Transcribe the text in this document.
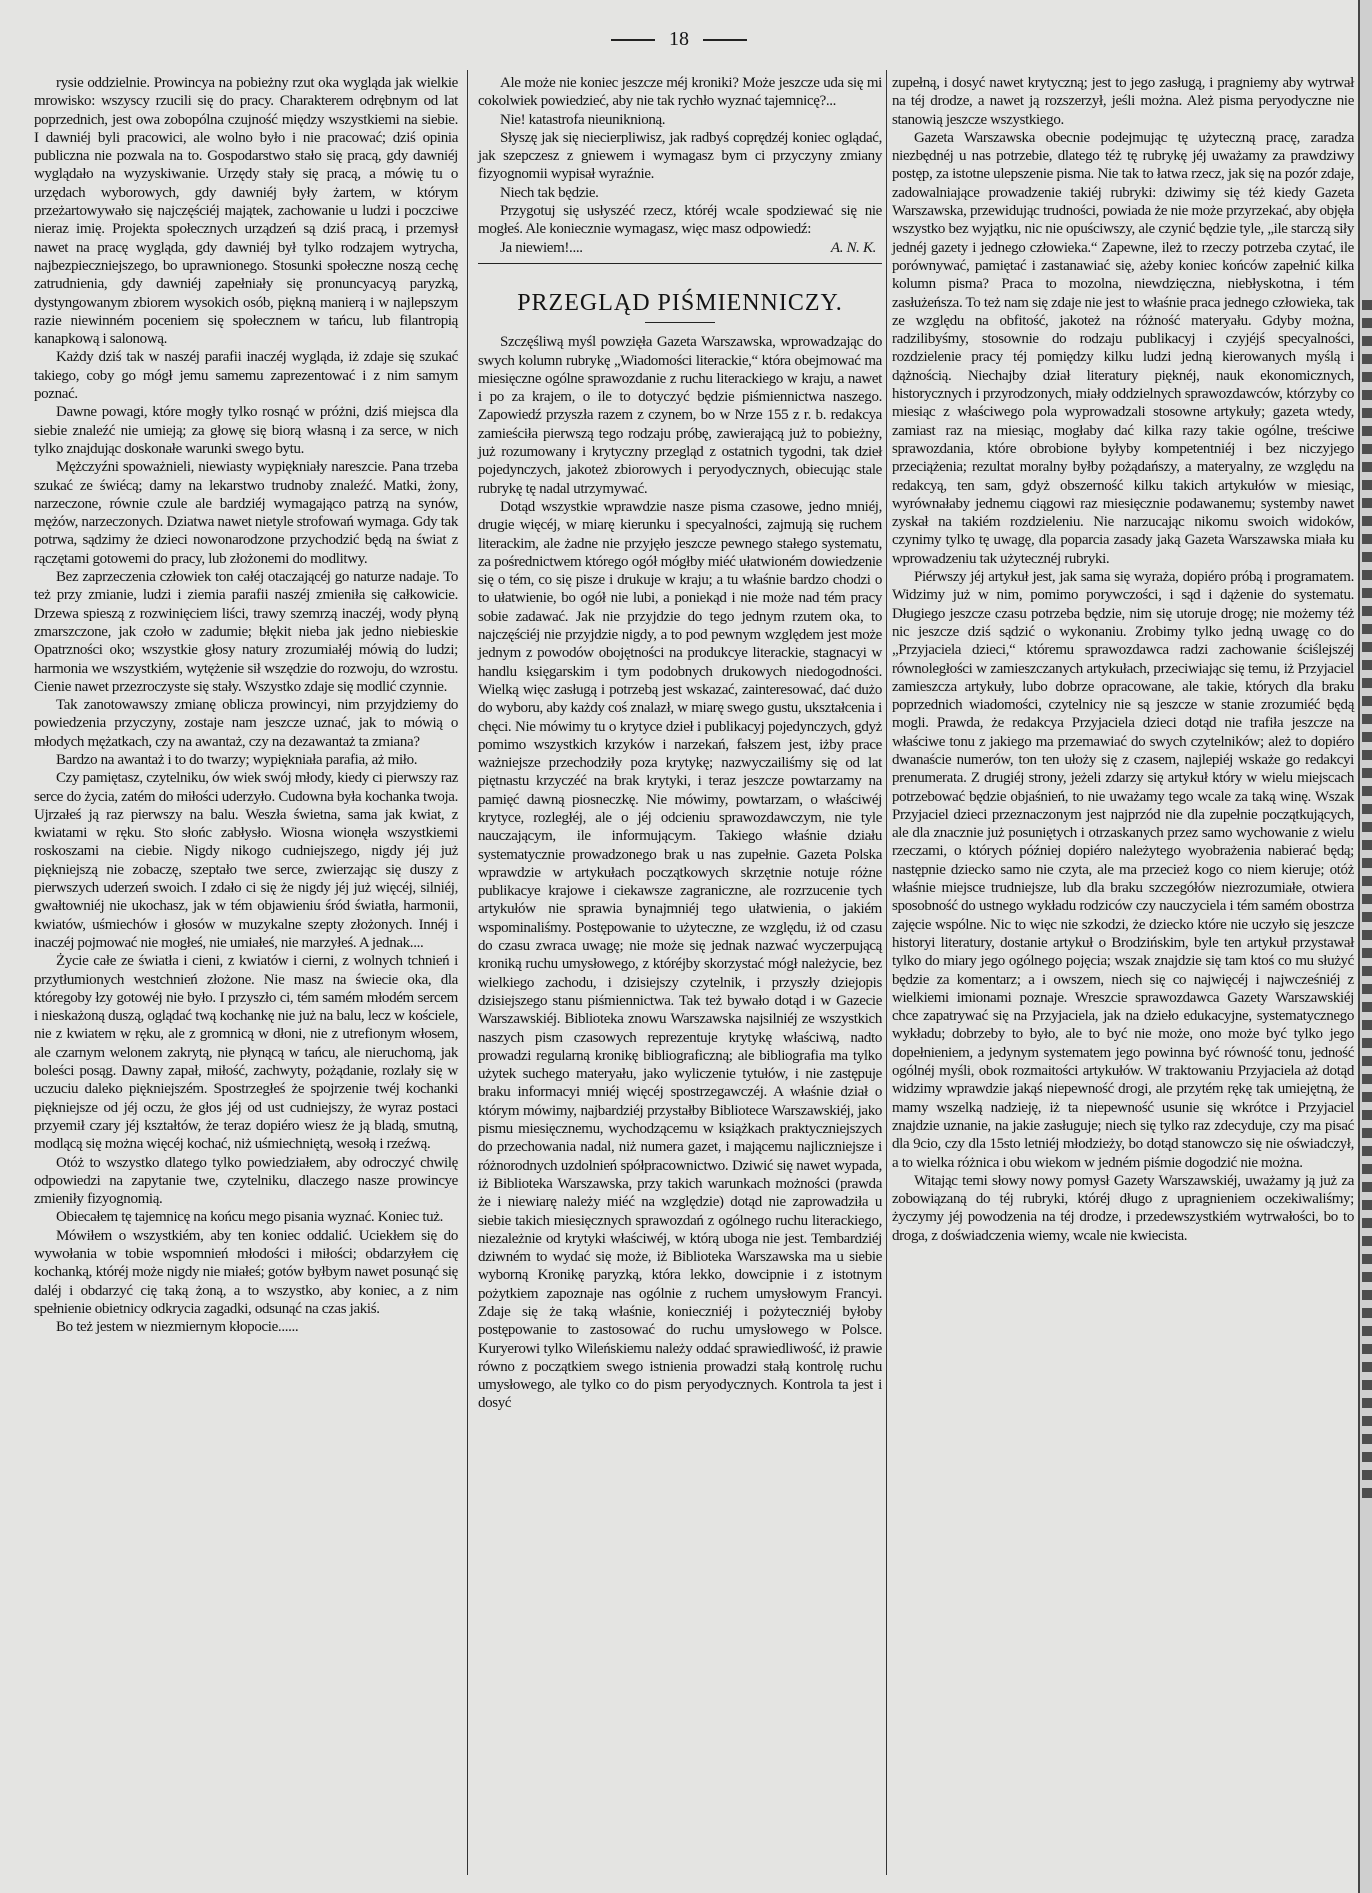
18

rysie oddzielnie. Prowincya na pobieżny rzut oka wygląda jak wielkie mrowisko: wszyscy rzucili się do pracy. Charakterem odrębnym od lat poprzednich, jest owa zobopólna czujność między wszystkiemi na siebie. I dawniéj byli pracowici, ale wolno było i nie pracować; dziś opinia publiczna nie pozwala na to. Gospodarstwo stało się pracą, gdy dawniéj wyglądało na wyzyskiwanie. Urzędy stały się pracą, a mówię tu o urzędach wyborowych, gdy dawniéj były żartem, w którym przeżartowywało się najczęściéj majątek, zachowanie u ludzi i poczciwe nieraz imię. Projekta społecznych urządzeń są dziś pracą, i przemysł nawet na pracę wygląda, gdy dawniéj był tylko rodzajem wytrycha, najbezpieczniejszego, bo uprawnionego. Stosunki społeczne noszą cechę zatrudnienia, gdy dawniéj zapełniały się pronuncyacyą paryzką, dystyngowanym zbiorem wysokich osób, piękną manierą i w najlepszym razie niewinném poceniem się społecznem w tańcu, lub filantropią kanapkową i salonową.

Każdy dziś tak w naszéj parafii inaczéj wygląda, iż zdaje się szukać takiego, coby go mógł jemu samemu zaprezentować i z nim samym poznać.

Dawne powagi, które mogły tylko rosnąć w próżni, dziś miejsca dla siebie znaleźć nie umieją; za głowę się biorą własną i za serce, w nich tylko znajdując doskonałe warunki swego bytu.

Mężczyźni spoważnieli, niewiasty wypiękniały nareszcie. Pana trzeba szukać ze świécą; damy na lekarstwo trudnoby znaleźć. Matki, żony, narzeczone, równie czule ale bardziéj wymagająco patrzą na synów, mężów, narzeczonych. Dziatwa nawet nietyle strofowań wymaga. Gdy tak potrwa, sądzimy że dzieci nowonarodzone przychodzić będą na świat z rączętami gotowemi do pracy, lub złożonemi do modlitwy.

Bez zaprzeczenia człowiek ton całéj otaczającéj go naturze nadaje. To też przy zmianie, ludzi i ziemia parafii naszéj zmieniła się całkowicie. Drzewa spieszą z rozwinięciem liści, trawy szemrzą inaczéj, wody płyną zmarszczone, jak czoło w zadumie; błękit nieba jak jedno niebieskie Opatrzności oko; wszystkie głosy natury zrozumiałéj mówią do ludzi; harmonia we wszystkiém, wytężenie sił wszędzie do rozwoju, do wzrostu. Cienie nawet przezroczyste się stały. Wszystko zdaje się modlić czynnie.

Tak zanotowawszy zmianę oblicza prowincyi, nim przyjdziemy do powiedzenia przyczyny, zostaje nam jeszcze uznać, jak to mówią o młodych mężatkach, czy na awantaż, czy na dezawantaż ta zmiana?

Bardzo na awantaż i to do twarzy; wypiękniała parafia, aż miło.

Czy pamiętasz, czytelniku, ów wiek swój młody, kiedy ci pierwszy raz serce do życia, zatém do miłości uderzyło. Cudowna była kochanka twoja. Ujrzałeś ją raz pierwszy na balu. Weszła świetna, sama jak kwiat, z kwiatami w ręku. Sto słońc zabłysło. Wiosna wionęła wszystkiemi roskoszami na ciebie. Nigdy nikogo cudniejszego, nigdy jéj już piękniejszą nie zobaczę, szeptało twe serce, zwierzając się duszy z pierwszych uderzeń swoich. I zdało ci się że nigdy jéj już więcéj, silniéj, gwałtowniéj nie ukochasz, jak w tém objawieniu śród światła, harmonii, kwiatów, uśmiechów i głosów w muzykalne szepty złożonych. Innéj i inaczéj pojmować nie mogłeś, nie umiałeś, nie marzyłeś. A jednak....

Życie całe ze światła i cieni, z kwiatów i cierni, z wolnych tchnień i przytłumionych westchnień złożone. Nie masz na świecie oka, dla któregoby łzy gotowéj nie było. I przyszło ci, tém samém młodém sercem i nieskażoną duszą, oglądać twą kochankę nie już na balu, lecz w kościele, nie z kwiatem w ręku, ale z gromnicą w dłoni, nie z utrefionym włosem, ale czarnym welonem zakrytą, nie płynącą w tańcu, ale nieruchomą, jak boleści posąg. Dawny zapał, miłość, zachwyty, pożądanie, rozlały się w uczuciu daleko piękniejszém. Spostrzegłeś że spojrzenie twéj kochanki piękniejsze od jéj oczu, że głos jéj od ust cudniejszy, że wyraz postaci przyemił czary jéj kształtów, że teraz dopiéro wiesz że ją bladą, smutną, modlącą się można więcéj kochać, niż uśmiechniętą, wesołą i rzeźwą.

Otóż to wszystko dlatego tylko powiedziałem, aby odroczyć chwilę odpowiedzi na zapytanie twe, czytelniku, dlaczego nasze prowincye zmieniły fizyognomią.

Obiecałem tę tajemnicę na końcu mego pisania wyznać. Koniec tuż.

Mówiłem o wszystkiém, aby ten koniec oddalić. Uciekłem się do wywołania w tobie wspomnień młodości i miłości; obdarzyłem cię kochanką, któréj może nigdy nie miałeś; gotów byłbym nawet posunąć się daléj i obdarzyć cię taką żoną, a to wszystko, aby koniec, a z nim spełnienie obietnicy odkrycia zagadki, odsunąć na czas jakiś.

Bo też jestem w niezmiernym kłopocie......

Ale może nie koniec jeszcze méj kroniki? Może jeszcze uda się mi cokolwiek powiedzieć, aby nie tak rychło wyznać tajemnicę?...

Nie! katastrofa nieuniknioną.

Słyszę jak się niecierpliwisz, jak radbyś coprędzéj koniec oglądać, jak szepczesz z gniewem i wymagasz bym ci przyczyny zmiany fizyognomii wypisał wyraźnie.

Niech tak będzie.

Przygotuj się usłyszéć rzecz, któréj wcale spodziewać się nie mogłeś. Ale koniecznie wymagasz, więc masz odpowiedź:

Ja niewiem!....	A. N. K.
PRZEGLĄD PIŚMIENNICZY.

Szczęśliwą myśl powzięła Gazeta Warszawska, wprowadzając do swych kolumn rubrykę „Wiadomości literackie,“ która obejmować ma miesięczne ogólne sprawozdanie z ruchu literackiego w kraju, a nawet i po za krajem, o ile to dotyczyć będzie piśmiennictwa naszego. Zapowiedź przyszła razem z czynem, bo w Nrze 155 z r. b. redakcya zamieściła pierwszą tego rodzaju próbę, zawierającą już to pobieżny, już rozumowany i krytyczny przegląd z ostatnich tygodni, tak dzieł pojedynczych, jakoteż zbiorowych i peryodycznych, obiecując stale rubrykę tę nadal utrzymywać.

Dotąd wszystkie wprawdzie nasze pisma czasowe, jedno mniéj, drugie więcéj, w miarę kierunku i specyalności, zajmują się ruchem literackim, ale żadne nie przyjęło jeszcze pewnego stałego systematu, za pośrednictwem którego ogół mógłby miéć ułatwioném dowiedzenie się o tém, co się pisze i drukuje w kraju; a tu właśnie bardzo chodzi o to ułatwienie, bo ogół nie lubi, a poniekąd i nie może nad tém pracy sobie zadawać. Jak nie przyjdzie do tego jednym rzutem oka, to najczęściéj nie przyjdzie nigdy, a to pod pewnym względem jest może jednym z powodów obojętności na produkcye literackie, stagnacyi w handlu księgarskim i tym podobnych drukowych niedogodności. Wielką więc zasługą i potrzebą jest wskazać, zainteresować, dać dużo do wyboru, aby każdy coś znalazł, w miarę swego gustu, ukształcenia i chęci. Nie mówimy tu o krytyce dzieł i publikacyj pojedynczych, gdyż pomimo wszystkich krzyków i narzekań, fałszem jest, iżby prace ważniejsze przechodziły poza krytykę; nazwyczailiśmy się od lat piętnastu krzyczéć na brak krytyki, i teraz jeszcze powtarzamy na pamięć dawną piosneczkę. Nie mówimy, powtarzam, o właściwéj krytyce, rozległéj, ale o jéj odcieniu sprawozdawczym, nie tyle nauczającym, ile informującym. Takiego właśnie działu systematycznie prowadzonego brak u nas zupełnie. Gazeta Polska wprawdzie w artykułach początkowych skrzętnie notuje różne publikacye krajowe i ciekawsze zagraniczne, ale rozrzucenie tych artykułów nie sprawia bynajmniéj tego ułatwienia, o jakiém wspominaliśmy. Postępowanie to użyteczne, ze względu, iż od czasu do czasu zwraca uwagę; nie może się jednak nazwać wyczerpującą kroniką ruchu umysłowego, z któréjby skorzystać mógł należycie, bez wielkiego zachodu, i dzisiejszy czytelnik, i przyszły dziejopis dzisiejszego stanu piśmiennictwa. Tak też bywało dotąd i w Gazecie Warszawskiéj. Biblioteka znowu Warszawska najsilniéj ze wszystkich naszych pism czasowych reprezentuje krytykę właściwą, nadto prowadzi regularną kronikę bibliograficzną; ale bibliografia ma tylko użytek suchego materyału, jako wyliczenie tytułów, i nie zastępuje braku informacyi mniéj więcéj spostrzegawczéj. A właśnie dział o którym mówimy, najbardziéj przystałby Bibliotece Warszawskiéj, jako pismu miesięcznemu, wychodzącemu w książkach praktyczniejszych do przechowania nadal, niż numera gazet, i mającemu najliczniejsze i różnorodnych uzdolnień spółpracownictwo. Dziwić się nawet wypada, iż Biblioteka Warszawska, przy takich warunkach możności (prawda że i niewiarę należy miéć na względzie) dotąd nie zaprowadziła u siebie takich miesięcznych sprawozdań z ogólnego ruchu literackiego, niezależnie od krytyki właściwéj, w którą uboga nie jest. Tembardziéj dziwném to wydać się może, iż Biblioteka Warszawska ma u siebie wyborną Kronikę paryzką, która lekko, dowcipnie i z istotnym pożytkiem zapoznaje nas ogólnie z ruchem umysłowym Francyi. Zdaje się że taką właśnie, konieczniéj i pożyteczniéj byłoby postępowanie to zastosować do ruchu umysłowego w Polsce. Kuryerowi tylko Wileńskiemu należy oddać sprawiedliwość, iż prawie równo z początkiem swego istnienia prowadzi stałą kontrolę ruchu umysłowego, ale tylko co do pism peryodycznych. Kontrola ta jest i dosyć

zupełną, i dosyć nawet krytyczną; jest to jego zasługą, i pragniemy aby wytrwał na téj drodze, a nawet ją rozszerzył, jeśli można. Ależ pisma peryodyczne nie stanowią jeszcze wszystkiego.

Gazeta Warszawska obecnie podejmując tę użyteczną pracę, zaradza niezbędnéj u nas potrzebie, dlatego téż tę rubrykę jéj uważamy za prawdziwy postęp, za istotne ulepszenie pisma. Nie tak to łatwa rzecz, jak się na pozór zdaje, zadowalniające prowadzenie takiéj rubryki: dziwimy się téż kiedy Gazeta Warszawska, przewidując trudności, powiada że nie może przyrzekać, aby objęła wszystko bez wyjątku, nic nie opuściwszy, ale czynić będzie tyle, „ile starczą siły jednéj gazety i jednego człowieka.“ Zapewne, ileż to rzeczy potrzeba czytać, ile porównywać, pamiętać i zastanawiać się, ażeby koniec końców zapełnić kilka kolumn pisma? Praca to mozolna, niewdzięczna, niebłyskotna, i tém zasłużeńsza. To też nam się zdaje nie jest to właśnie praca jednego człowieka, tak ze względu na obfitość, jakoteż na różność materyału. Gdyby można, radzilibyśmy, stosownie do rodzaju publikacyj i czyjéjś specyalności, rozdzielenie pracy téj pomiędzy kilku ludzi jedną kierowanych myślą i dążnością. Niechajby dział literatury pięknéj, nauk ekonomicznych, historycznych i przyrodzonych, miały oddzielnych sprawozdawców, którzyby co miesiąc z właściwego pola wyprowadzali stosowne artykuły; gazeta wtedy, zamiast raz na miesiąc, mogłaby dać kilka razy takie ogólne, treściwe sprawozdania, które obrobione byłyby kompetentniéj i bez niczyjego przeciążenia; rezultat moralny byłby pożądańszy, a materyalny, ze względu na redakcyą, ten sam, gdyż obszerność kilku takich artykułów w miesiąc, wyrównałaby jednemu ciągowi raz miesięcznie podawanemu; systemby nawet zyskał na takiém rozdzieleniu. Nie narzucając nikomu swoich widoków, czynimy tylko tę uwagę, dla poparcia zasady jaką Gazeta Warszawska miała ku wprowadzeniu tak użytecznéj rubryki.

Piérwszy jéj artykuł jest, jak sama się wyraża, dopiéro próbą i programatem. Widzimy już w nim, pomimo porywczości, i sąd i dążenie do systematu. Długiego jeszcze czasu potrzeba będzie, nim się utoruje drogę; nie możemy téż nic jeszcze dziś sądzić o wykonaniu. Zrobimy tylko jedną uwagę co do „Przyjaciela dzieci,“ któremu sprawozdawca radzi zachowanie ściślejszéj równoległości w zamieszczanych artykułach, przeciwiając się temu, iż Przyjaciel zamieszcza artykuły, lubo dobrze opracowane, ale takie, których dla braku poprzednich wiadomości, czytelnicy nie są jeszcze w stanie zrozumiéć będą mogli. Prawda, że redakcya Przyjaciela dzieci dotąd nie trafiła jeszcze na właściwe tonu z jakiego ma przemawiać do swych czytelników; ależ to dopiéro dwanaście numerów, ton ten ułoży się z czasem, najlepiéj wskaże go redakcyi prenumerata. Z drugiéj strony, jeżeli zdarzy się artykuł który w wielu miejscach potrzebować będzie objaśnień, to nie uważamy tego wcale za taką winę. Wszak Przyjaciel dzieci przeznaczonym jest najprzód nie dla zupełnie początkujących, ale dla znacznie już posuniętych i otrzaskanych przez samo wychowanie z wielu rzeczami, o których później dopiéro należytego wyobrażenia nabierać będą; następnie dziecko samo nie czyta, ale ma przecież kogo co niem kieruje; otóż właśnie miejsce trudniejsze, lub dla braku szczegółów niezrozumiałe, otwiera sposobność do ustnego wykładu rodziców czy nauczyciela i tém samém obostrza zajęcie wspólne. Nic to więc nie szkodzi, że dziecko które nie uczyło się jeszcze historyi literatury, dostanie artykuł o Brodzińskim, byle ten artykuł przystawał tylko do miary jego ogólnego pojęcia; wszak znajdzie się tam ktoś co mu służyć będzie za komentarz; a i owszem, niech się co najwięcéj i najwcześniéj z wielkiemi imionami poznaje. Wreszcie sprawozdawca Gazety Warszawskiéj chce zapatrywać się na Przyjaciela, jak na dzieło edukacyjne, systematycznego wykładu; dobrzeby to było, ale to być nie może, ono może być tylko jego dopełnieniem, a jedynym systematem jego powinna być równość tonu, jedność ogólnéj myśli, obok rozmaitości artykułów. W traktowaniu Przyjaciela aż dotąd widzimy wprawdzie jakąś niepewność drogi, ale przytém rękę tak umiejętną, że mamy wszelką nadzieję, iż ta niepewność usunie się wkrótce i Przyjaciel znajdzie uznanie, na jakie zasługuje; niech się tylko raz zdecyduje, czy ma pisać dla 9cio, czy dla 15sto letniéj młodzieży, bo dotąd stanowczo się nie oświadczył, a to wielka różnica i obu wiekom w jedném piśmie dogodzić nie można.

Witając temi słowy nowy pomysł Gazety Warszawskiéj, uważamy ją już za zobowiązaną do téj rubryki, któréj długo z upragnieniem oczekiwaliśmy; życzymy jéj powodzenia na téj drodze, i przedewszystkiém wytrwałości, bo to droga, z doświadczenia wiemy, wcale nie kwiecista.
